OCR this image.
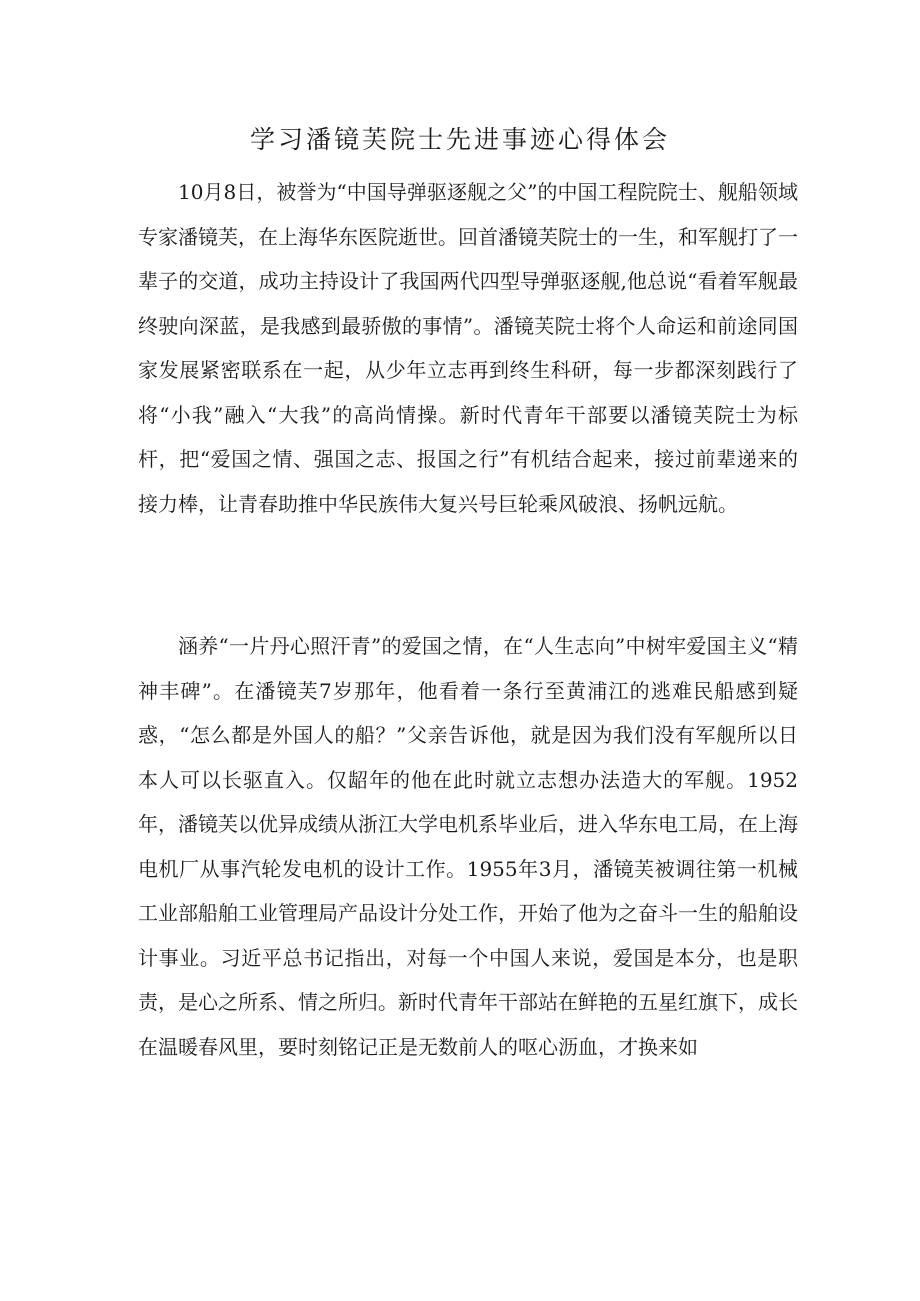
学习潘镜芙院士先进事迹心得体会

10月8日，被誉为“中国导弹驱逐舰之父”的中国工程院院士、舰船领域专家潘镜芙，在上海华东医院逝世。回首潘镜芙院士的一生，和军舰打了一辈子的交道，成功主持设计了我国两代四型导弹驱逐舰,他总说“看着军舰最终驶向深蓝，是我感到最骄傲的事情”。潘镜芙院士将个人命运和前途同国家发展紧密联系在一起，从少年立志再到终生科研，每一步都深刻践行了将“小我”融入“大我”的高尚情操。新时代青年干部要以潘镜芙院士为标杆，把“爱国之情、强国之志、报国之行”有机结合起来，接过前辈递来的接力棒，让青春助推中华民族伟大复兴号巨轮乘风破浪、扬帆远航。

涵养“一片丹心照汗青”的爱国之情，在“人生志向”中树牢爱国主义“精神丰碑”。在潘镜芙7岁那年，他看着一条行至黄浦江的逃难民船感到疑惑，“怎么都是外国人的船？”父亲告诉他，就是因为我们没有军舰所以日本人可以长驱直入。仅龆年的他在此时就立志想办法造大的军舰。1952年，潘镜芙以优异成绩从浙江大学电机系毕业后，进入华东电工局，在上海电机厂从事汽轮发电机的设计工作。1955年3月，潘镜芙被调往第一机械工业部船舶工业管理局产品设计分处工作，开始了他为之奋斗一生的船舶设计事业。习近平总书记指出，对每一个中国人来说，爱国是本分，也是职责，是心之所系、情之所归。新时代青年干部站在鲜艳的五星红旗下，成长在温暖春风里，要时刻铭记正是无数前人的呕心沥血，才换来如
